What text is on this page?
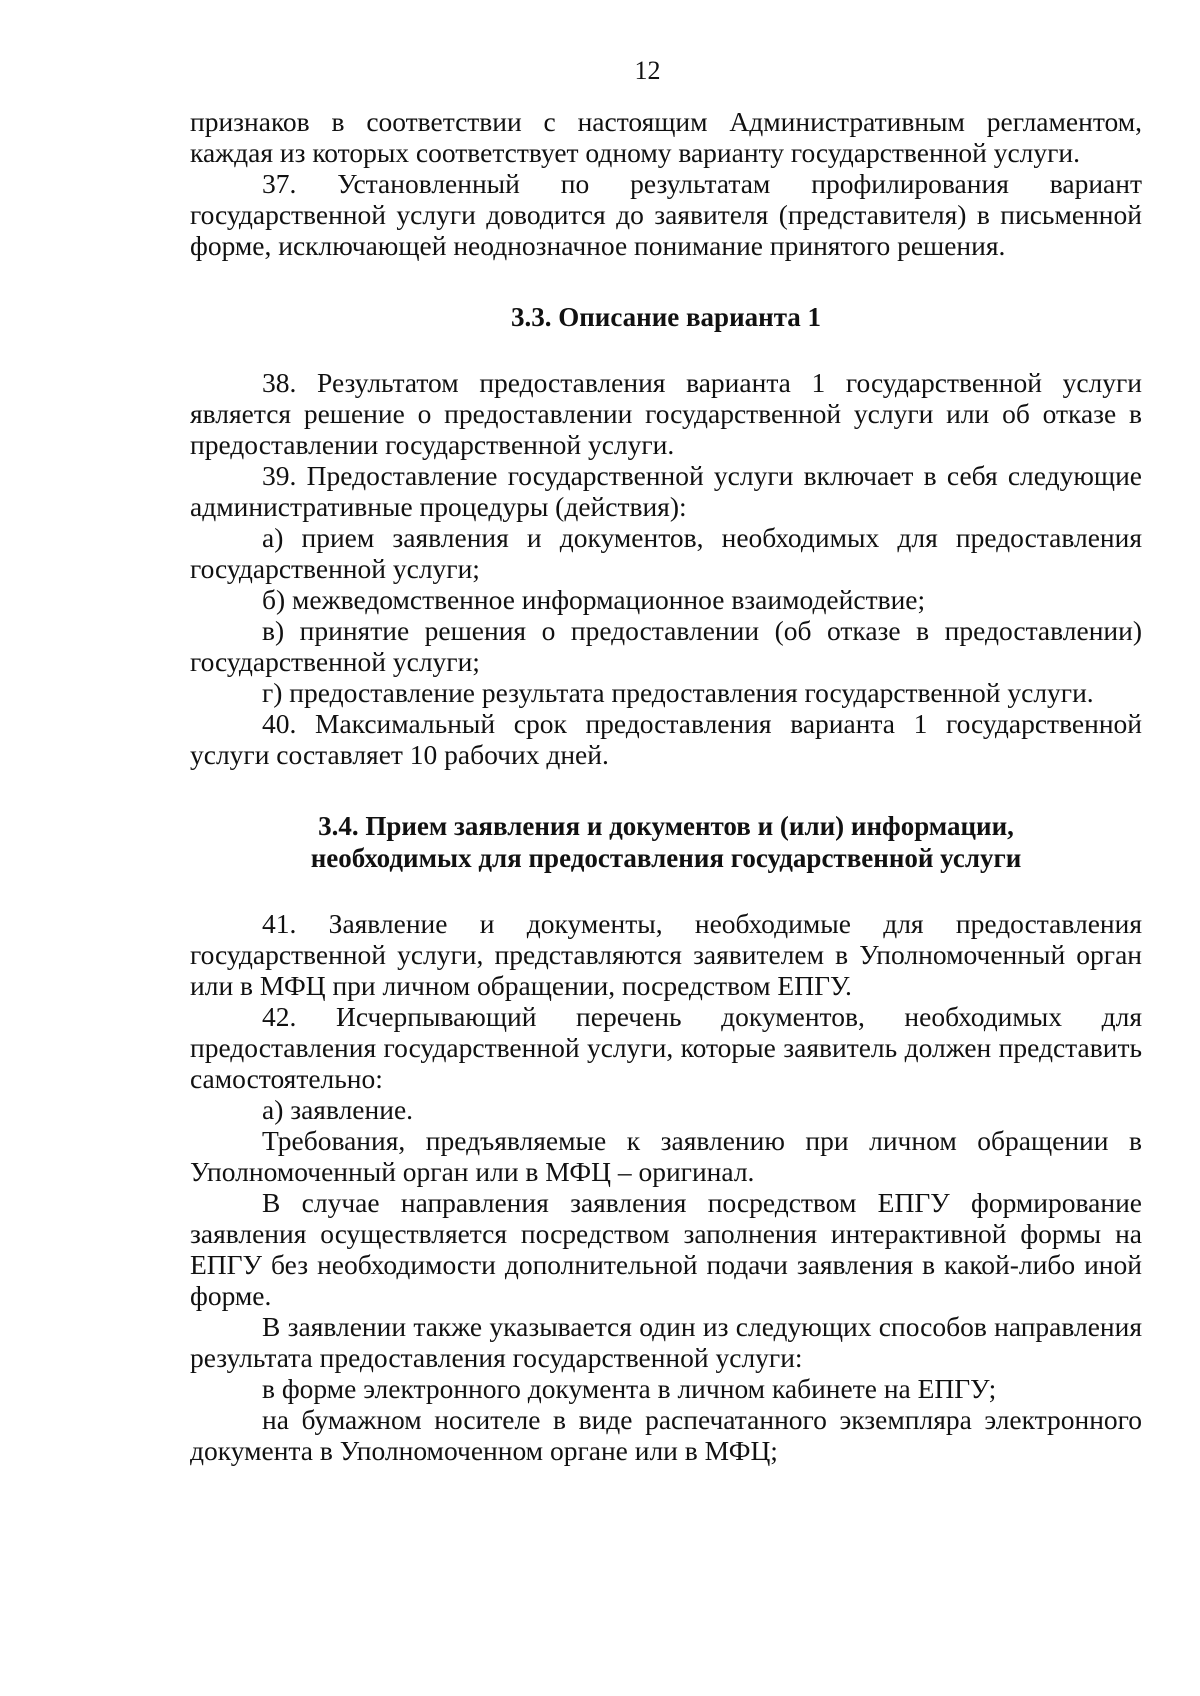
12

признаков в соответствии с настоящим Административным регламентом, каждая из которых соответствует одному варианту государственной услуги.

37. Установленный по результатам профилирования вариант государственной услуги доводится до заявителя (представителя) в письменной форме, исключающей неоднозначное понимание принятого решения.

3.3. Описание варианта 1

38. Результатом предоставления варианта 1 государственной услуги является решение о предоставлении государственной услуги или об отказе в предоставлении государственной услуги.

39. Предоставление государственной услуги включает в себя следующие административные процедуры (действия):

а) прием заявления и документов, необходимых для предоставления государственной услуги;

б) межведомственное информационное взаимодействие;

в) принятие решения о предоставлении (об отказе в предоставлении) государственной услуги;

г) предоставление результата предоставления государственной услуги.

40. Максимальный срок предоставления варианта 1 государственной услуги составляет 10 рабочих дней.

3.4. Прием заявления и документов и (или) информации,
необходимых для предоставления государственной услуги

41. Заявление и документы, необходимые для предоставления государственной услуги, представляются заявителем в Уполномоченный орган или в МФЦ при личном обращении, посредством ЕПГУ.

42. Исчерпывающий перечень документов, необходимых для предоставления государственной услуги, которые заявитель должен представить самостоятельно:

а) заявление.

Требования, предъявляемые к заявлению при личном обращении в Уполномоченный орган или в МФЦ – оригинал.

В случае направления заявления посредством ЕПГУ формирование заявления осуществляется посредством заполнения интерактивной формы на ЕПГУ без необходимости дополнительной подачи заявления в какой-либо иной форме.

В заявлении также указывается один из следующих способов направления результата предоставления государственной услуги:

в форме электронного документа в личном кабинете на ЕПГУ;

на бумажном носителе в виде распечатанного экземпляра электронного документа в Уполномоченном органе или в МФЦ;
